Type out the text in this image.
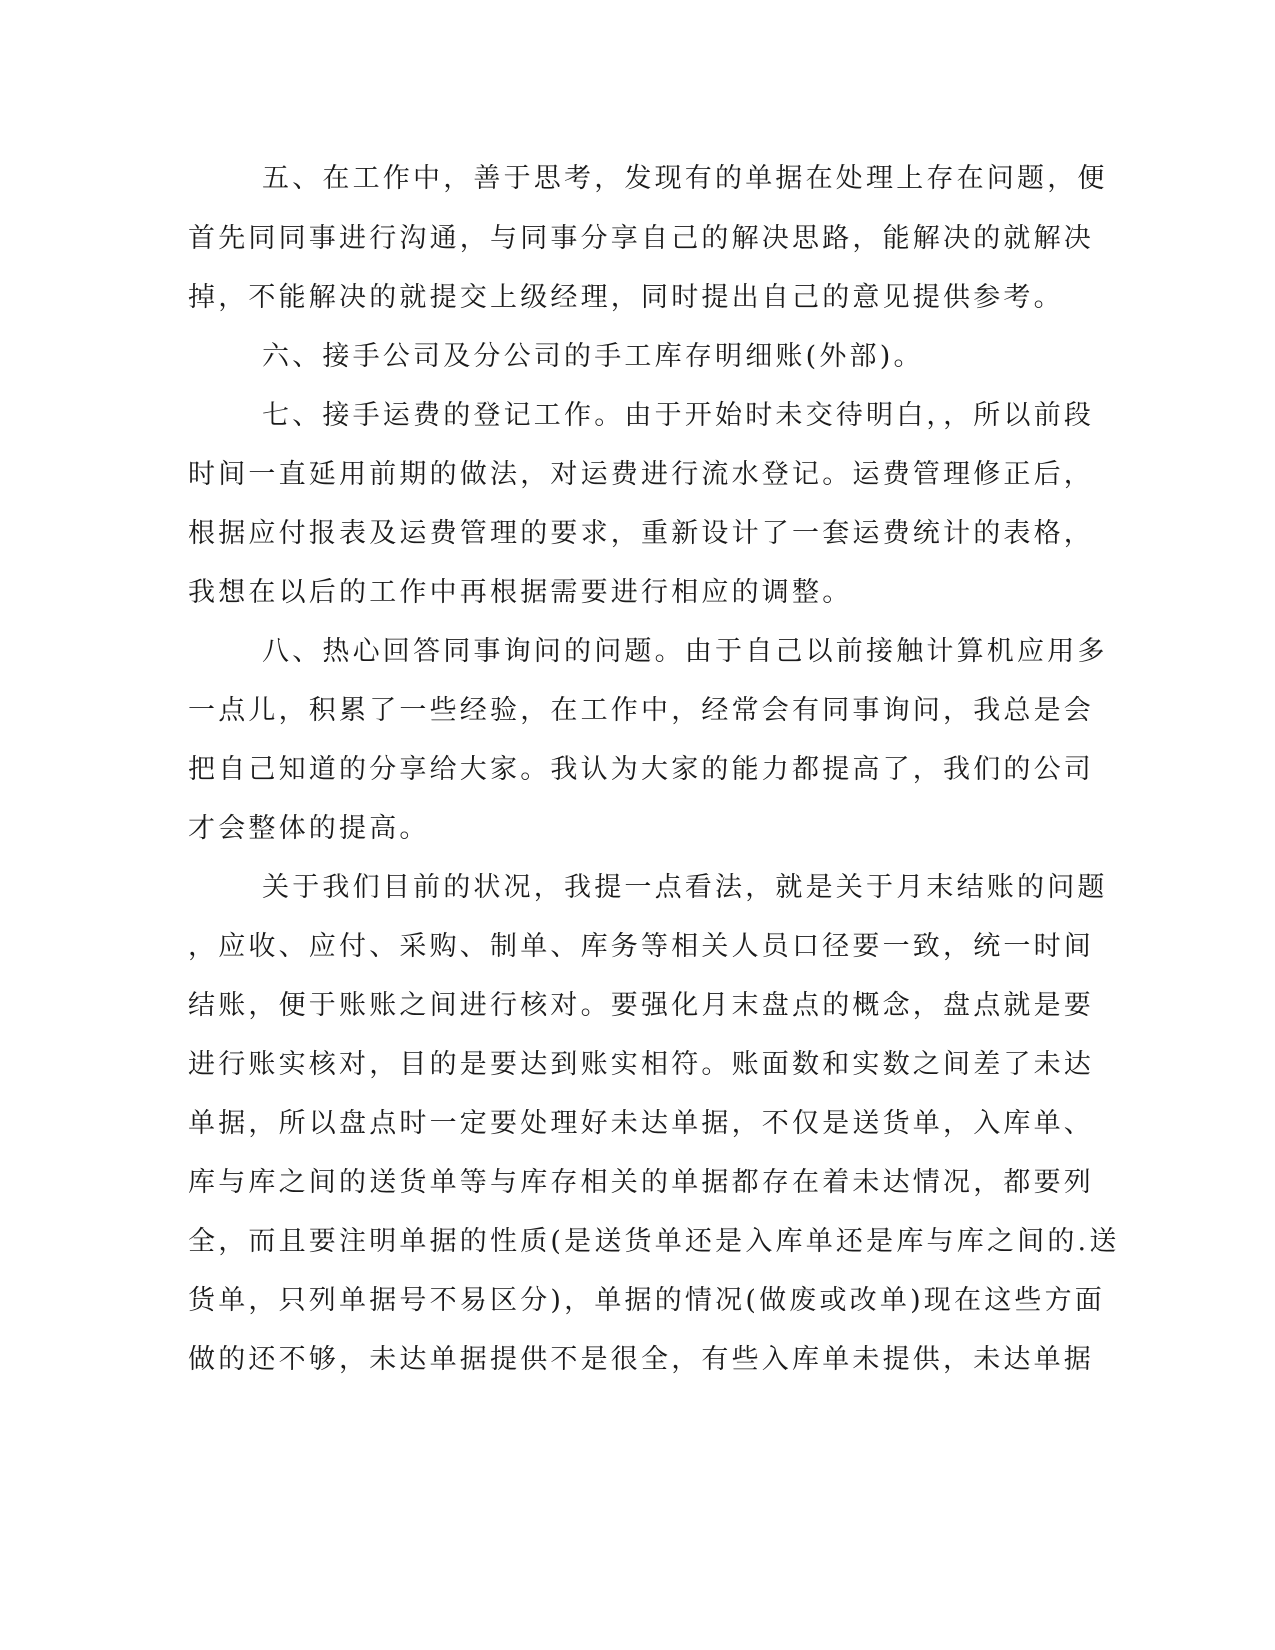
五、在工作中，善于思考，发现有的单据在处理上存在问题，便
首先同同事进行沟通，与同事分享自己的解决思路，能解决的就解决
掉，不能解决的就提交上级经理，同时提出自己的意见提供参考。
六、接手公司及分公司的手工库存明细账(外部)。
七、接手运费的登记工作。由于开始时未交待明白，，所以前段
时间一直延用前期的做法，对运费进行流水登记。运费管理修正后，
根据应付报表及运费管理的要求，重新设计了一套运费统计的表格，
我想在以后的工作中再根据需要进行相应的调整。
八、热心回答同事询问的问题。由于自己以前接触计算机应用多
一点儿，积累了一些经验，在工作中，经常会有同事询问，我总是会
把自己知道的分享给大家。我认为大家的能力都提高了，我们的公司
才会整体的提高。
关于我们目前的状况，我提一点看法，就是关于月末结账的问题
，应收、应付、采购、制单、库务等相关人员口径要一致，统一时间
结账，便于账账之间进行核对。要强化月末盘点的概念，盘点就是要
进行账实核对，目的是要达到账实相符。账面数和实数之间差了未达
单据，所以盘点时一定要处理好未达单据，不仅是送货单，入库单、
库与库之间的送货单等与库存相关的单据都存在着未达情况，都要列
全，而且要注明单据的性质(是送货单还是入库单还是库与库之间的.送
货单，只列单据号不易区分)，单据的情况(做废或改单)现在这些方面
做的还不够，未达单据提供不是很全，有些入库单未提供，未达单据
